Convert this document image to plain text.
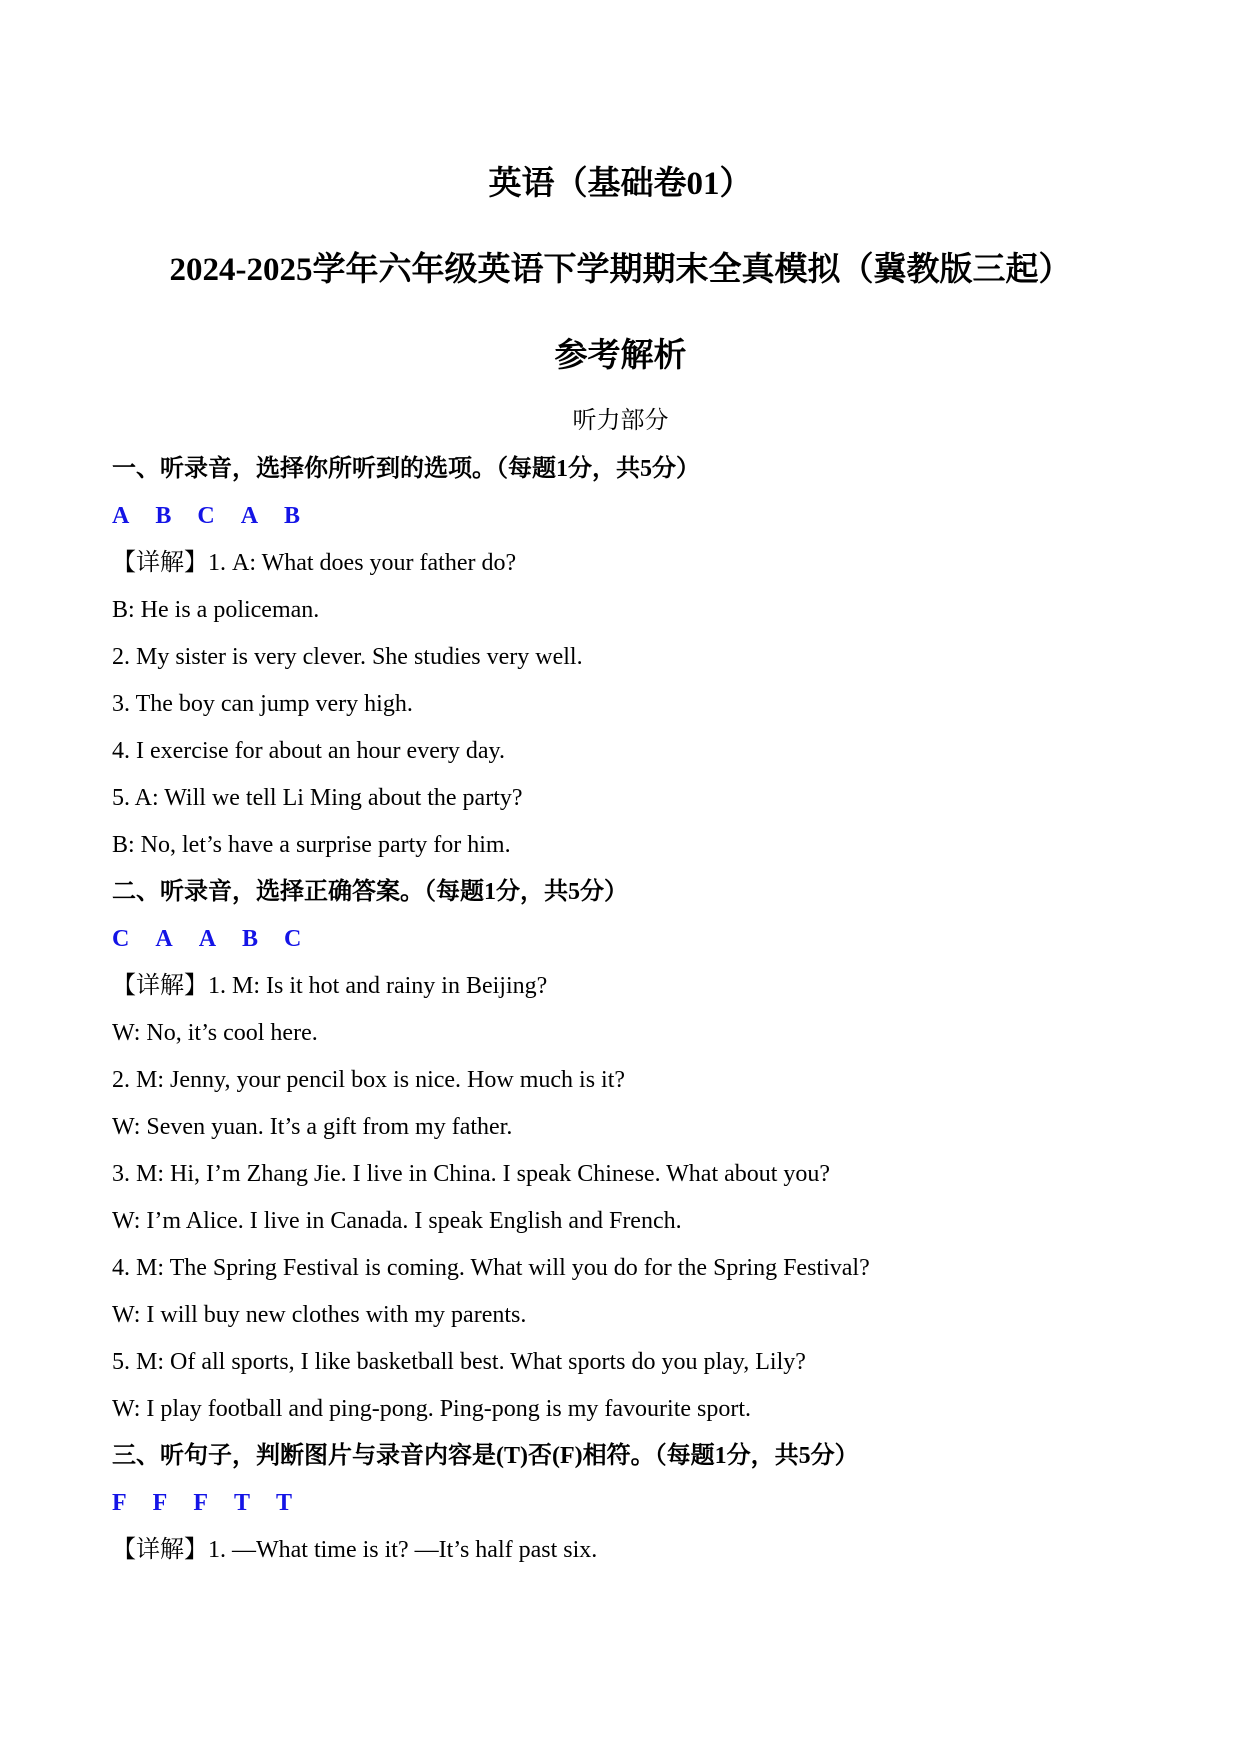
英语（基础卷01）
2024-2025学年六年级英语下学期期末全真模拟（冀教版三起）
参考解析
听力部分
一、听录音，选择你所听到的选项。（每题1分，共5分）
A B C A B
【详解】1. A: What does your father do?
B: He is a policeman.
2. My sister is very clever. She studies very well.
3. The boy can jump very high.
4. I exercise for about an hour every day.
5. A: Will we tell Li Ming about the party?
B: No, let’s have a surprise party for him.
二、听录音，选择正确答案。（每题1分，共5分）
C A A B C
【详解】1. M: Is it hot and rainy in Beijing?
W: No, it’s cool here.
2. M: Jenny, your pencil box is nice. How much is it?
W: Seven yuan. It’s a gift from my father.
3. M: Hi, I’m Zhang Jie. I live in China. I speak Chinese. What about you?
W: I’m Alice. I live in Canada. I speak English and French.
4. M: The Spring Festival is coming. What will you do for the Spring Festival?
W: I will buy new clothes with my parents.
5. M: Of all sports, I like basketball best. What sports do you play, Lily?
W: I play football and ping-pong. Ping-pong is my favourite sport.
三、听句子，判断图片与录音内容是(T)否(F)相符。（每题1分，共5分）
F F F T T
【详解】1. —What time is it? —It’s half past six.
